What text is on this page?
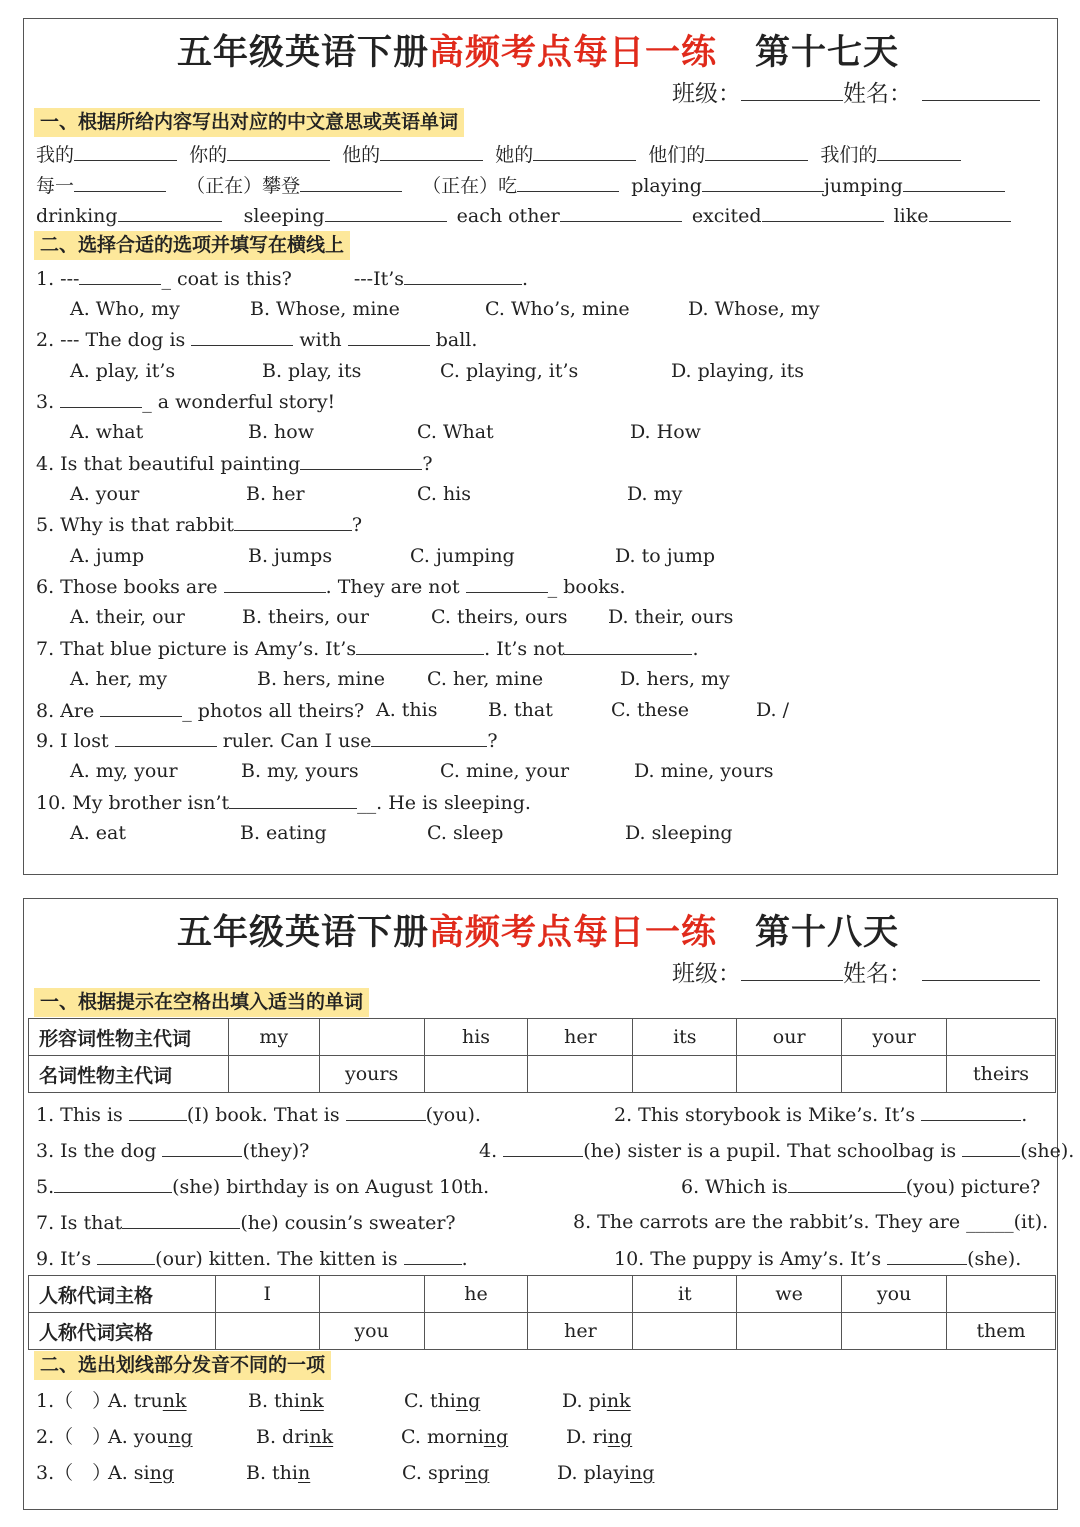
五年级英语下册高频考点每日一练 第十七天
班级：	姓名：
一、根据所给内容写出对应的中文意思或英语单词
我的	你的	他的	她的	他们的	我们的
每一	（正在）攀登	（正在）吃	playing	jumping
drinking	sleeping	each other	excited	like
二、选择合适的选项并填写在横线上
1. ---	_ coat is this?	---It’s	.
A. Who, my	B. Whose, mine	C. Who’s, mine	D. Whose, my
2. --- The dog is	with	ball.
A. play, it’s	B. play, its	C. playing, it’s	D. playing, its
3.	_ a wonderful story!
A. what	B. how	C. What	D. How
4. Is that beautiful painting	?
A. your	B. her	C. his	D. my
5. Why is that rabbit	?
A. jump	B. jumps	C. jumping	D. to jump
6. Those books are	. They are not	_ books.
A. their, our	B. theirs, our	C. theirs, ours D. their, ours
7. That blue picture is Amy’s. It’s	. It’s not	.
A. her, my	B. hers, mine C. her, mine	D. hers, my
8. Are	_ photos all theirs? A. this	B. that	C. these	D. /
9. I lost	ruler. Can I use	?
A. my, your	B. my, yours	C. mine, your	D. mine, yours
10. My brother isn’t	__. He is sleeping.
A. eat	B. eating	C. sleep	D. sleeping
五年级英语下册高频考点每日一练 第十八天
班级：	姓名：
一、根据提示在空格出填入适当的单词
形容词性物主代词	my		his	her	its	our	your	
名词性物主代词		yours						theirs
1. This is	(I) book. That is	(you).	2. This storybook is Mike’s. It’s	.
3. Is the dog	(they)?	4.	(he) sister is a pupil. That schoolbag is	(she).
5.	(she) birthday is on August 10th.	6. Which is	(you) picture?
7. Is that	(he) cousin’s sweater?	8. The carrots are the rabbit’s. They are _____(it).
9. It’s	(our) kitten. The kitten is	.	10. The puppy is Amy’s. It’s	(she).
人称代词主格	I		he		it	we	you	
人称代词宾格		you		her				them
二、选出划线部分发音不同的一项
1.（　）
A. trunk	B. think	C. thing	D. pink
2.（　）
A. young	B. drink	C. morning	D. ring
3.（　）
A. sing	B. thin	C. spring	D. playing
